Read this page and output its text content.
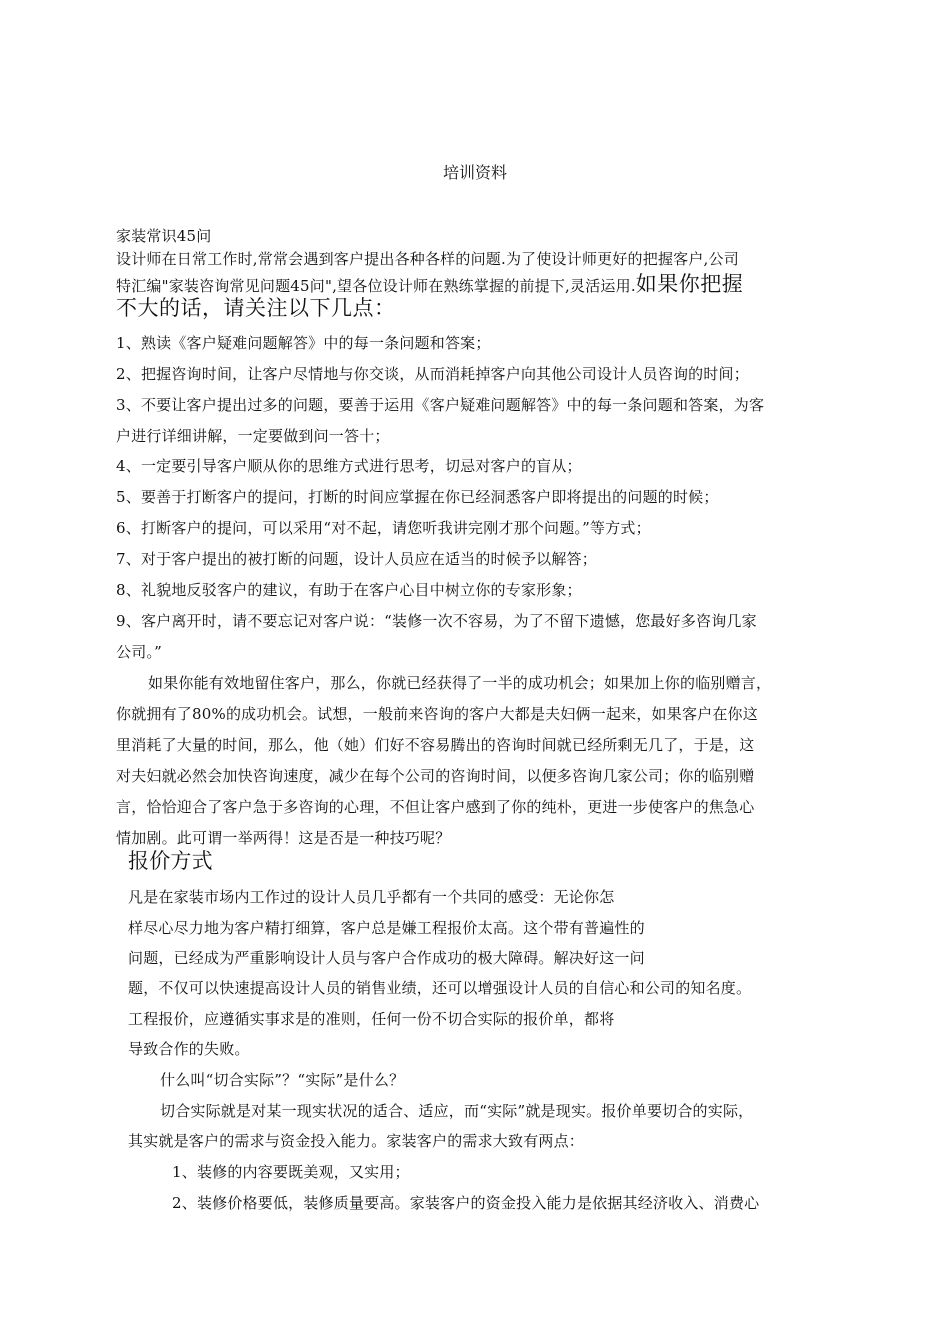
培训资料
家装常识45问
设计师在日常工作时,常常会遇到客户提出各种各样的问题.为了使设计师更好的把握客户,公司
特汇编"家装咨询常见问题45问",望各位设计师在熟练掌握的前提下,灵活运用.如果你把握
不大的话，请关注以下几点：
1、熟读《客户疑难问题解答》中的每一条问题和答案；
2、把握咨询时间，让客户尽情地与你交谈，从而消耗掉客户向其他公司设计人员咨询的时间；
3、不要让客户提出过多的问题，要善于运用《客户疑难问题解答》中的每一条问题和答案，为客
户进行详细讲解，一定要做到问一答十；
4、一定要引导客户顺从你的思维方式进行思考，切忌对客户的盲从；
5、要善于打断客户的提问，打断的时间应掌握在你已经洞悉客户即将提出的问题的时候；
6、打断客户的提问，可以采用“对不起，请您听我讲完刚才那个问题。”等方式；
7、对于客户提出的被打断的问题，设计人员应在适当的时候予以解答；
8、礼貌地反驳客户的建议，有助于在客户心目中树立你的专家形象；
9、客户离开时，请不要忘记对客户说：“装修一次不容易，为了不留下遗憾，您最好多咨询几家
公司。”
如果你能有效地留住客户，那么，你就已经获得了一半的成功机会；如果加上你的临别赠言，
你就拥有了80%的成功机会。试想，一般前来咨询的客户大都是夫妇俩一起来，如果客户在你这
里消耗了大量的时间，那么，他（她）们好不容易腾出的咨询时间就已经所剩无几了，于是，这
对夫妇就必然会加快咨询速度，减少在每个公司的咨询时间，以便多咨询几家公司；你的临别赠
言，恰恰迎合了客户急于多咨询的心理，不但让客户感到了你的纯朴，更进一步使客户的焦急心
情加剧。此可谓一举两得！这是否是一种技巧呢？
报价方式
凡是在家装市场内工作过的设计人员几乎都有一个共同的感受：无论你怎
样尽心尽力地为客户精打细算，客户总是嫌工程报价太高。这个带有普遍性的
问题，已经成为严重影响设计人员与客户合作成功的极大障碍。解决好这一问
题，不仅可以快速提高设计人员的销售业绩，还可以增强设计人员的自信心和公司的知名度。
工程报价，应遵循实事求是的准则，任何一份不切合实际的报价单，都将
导致合作的失败。
什么叫“切合实际”？“实际”是什么？
切合实际就是对某一现实状况的适合、适应，而“实际”就是现实。报价单要切合的实际，
其实就是客户的需求与资金投入能力。家装客户的需求大致有两点：
1、装修的内容要既美观，又实用；
2、装修价格要低，装修质量要高。家装客户的资金投入能力是依据其经济收入、消费心
